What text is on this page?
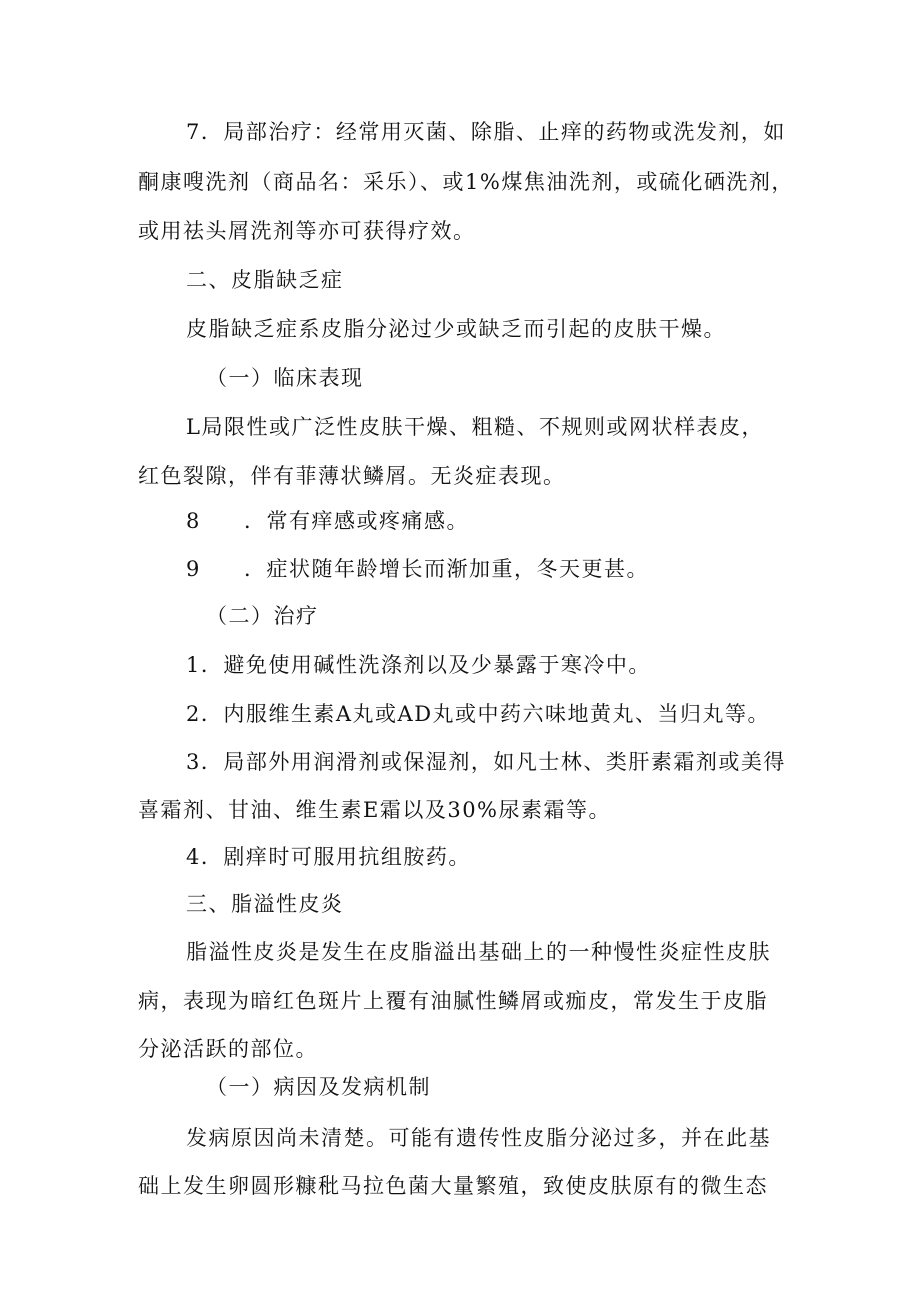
7．局部治疗：经常用灭菌、除脂、止痒的药物或洗发剂，如
酮康嗖洗剂（商品名：采乐）、或1%煤焦油洗剂，或硫化硒洗剂，
或用祛头屑洗剂等亦可获得疗效。
二、皮脂缺乏症
皮脂缺乏症系皮脂分泌过少或缺乏而引起的皮肤干燥。
（一）临床表现
L局限性或广泛性皮肤干燥、粗糙、不规则或网状样表皮，
红色裂隙，伴有菲薄状鳞屑。无炎症表现。
8 ．常有痒感或疼痛感。
9 ．症状随年龄增长而渐加重，冬天更甚。
（二）治疗
1．避免使用碱性洗涤剂以及少暴露于寒冷中。
2．内服维生素A丸或AD丸或中药六味地黄丸、当归丸等。
3．局部外用润滑剂或保湿剂，如凡士林、类肝素霜剂或美得
喜霜剂、甘油、维生素E霜以及30%尿素霜等。
4．剧痒时可服用抗组胺药。
三、脂溢性皮炎
脂溢性皮炎是发生在皮脂溢出基础上的一种慢性炎症性皮肤
病，表现为暗红色斑片上覆有油腻性鳞屑或痂皮，常发生于皮脂
分泌活跃的部位。
（一）病因及发病机制
发病原因尚未清楚。可能有遗传性皮脂分泌过多，并在此基
础上发生卵圆形糠秕马拉色菌大量繁殖，致使皮肤原有的微生态
